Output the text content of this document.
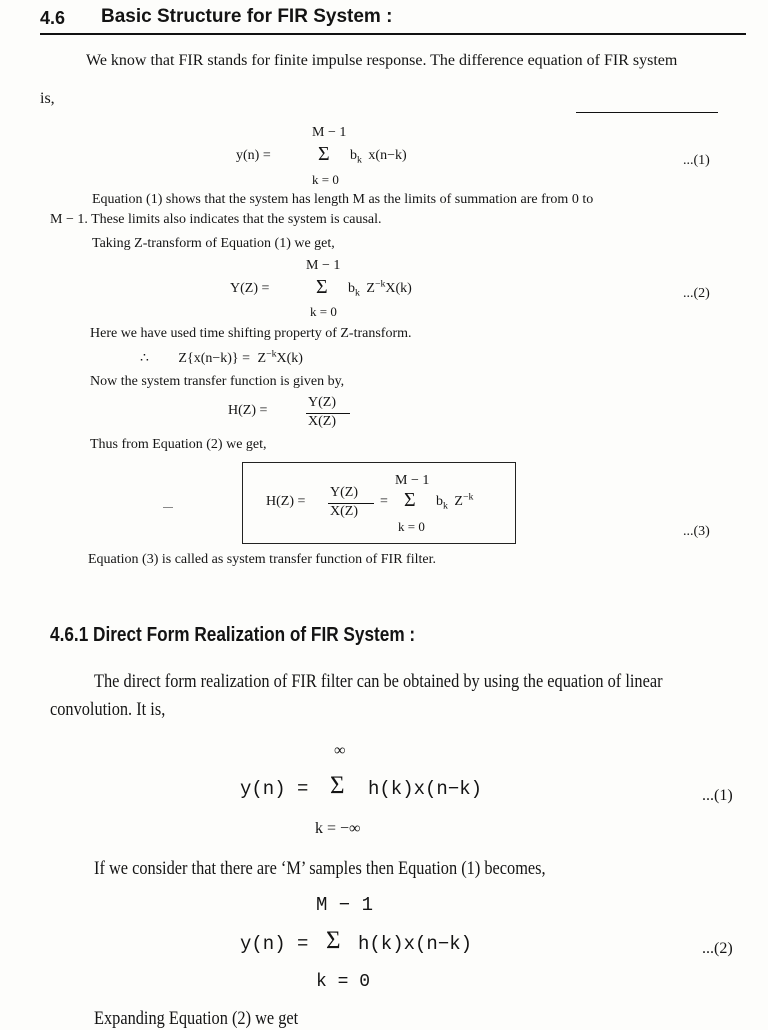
4.6 Basic Structure for FIR System :
We know that FIR stands for finite impulse response. The difference equation of FIR system
is,
M − 1
y(n) = Σ $b_k$ x(n−k)
k = 0
...(1)
Equation (1) shows that the system has length M as the limits of summation are from 0 to
M − 1. These limits also indicates that the system is causal.
Taking Z-transform of Equation (1) we get,
M − 1
Y(Z) = Σ $b_k$ $Z^{-k}X(k)$
k = 0
...(2)
Here we have used time shifting property of Z-transform.
∴ $Z\{x(n-k)\} = Z^{-k}X(k)$
Now the system transfer function is given by,
H(Z) =
Y(Z)
X(Z)
Thus from Equation (2) we get,
M − 1
H(Z) =
Y(Z)
X(Z)
= Σ $b_k$ $Z^{-k}$
k = 0	...(3)
Equation (3) is called as system transfer function of FIR filter.
4.6.1 Direct Form Realization of FIR System :
The direct form realization of FIR filter can be obtained by using the equation of linear
convolution. It is,
∞
y(n) = Σ h(k)x(n−k)
k = −∞
...(1)
If we consider that there are ‘M’ samples then Equation (1) becomes,
M − 1
y(n) = Σ h(k)x(n−k)
k = 0
...(2)
Expanding Equation (2) we get
